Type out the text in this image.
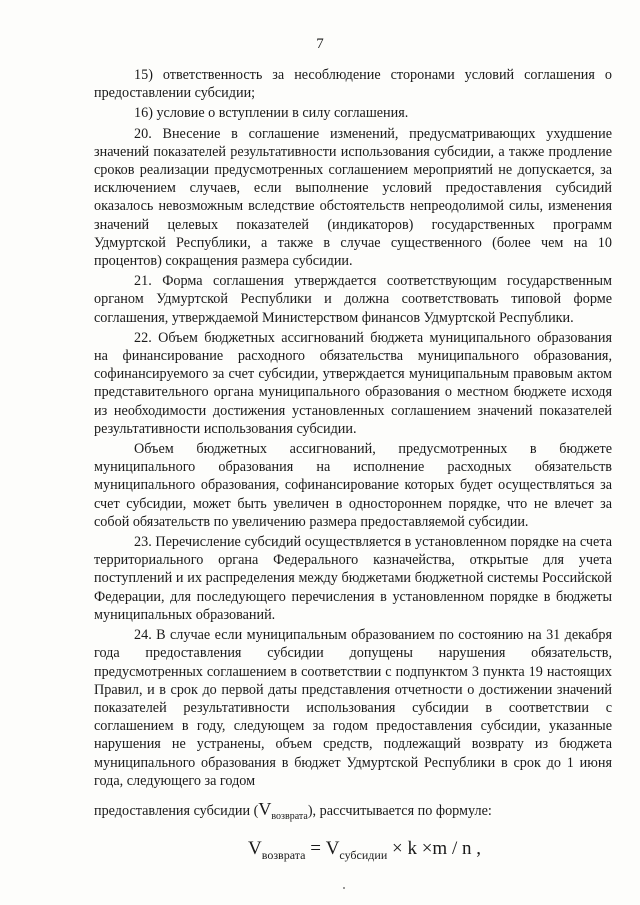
7

15) ответственность за несоблюдение сторонами условий соглашения о предоставлении субсидии;

16) условие о вступлении в силу соглашения.

20. Внесение в соглашение изменений, предусматривающих ухудшение значений показателей результативности использования субсидии, а также продление сроков реализации предусмотренных соглашением мероприятий не допускается, за исключением случаев, если выполнение условий предоставления субсидий оказалось невозможным вследствие обстоятельств непреодолимой силы, изменения значений целевых показателей (индикаторов) государственных программ Удмуртской Республики, а также в случае существенного (более чем на 10 процентов) сокращения размера субсидии.

21. Форма соглашения утверждается соответствующим государственным органом Удмуртской Республики и должна соответствовать типовой форме соглашения, утверждаемой Министерством финансов Удмуртской Республики.

22. Объем бюджетных ассигнований бюджета муниципального образования на финансирование расходного обязательства муниципального образования, софинансируемого за счет субсидии, утверждается муниципальным правовым актом представительного органа муниципального образования о местном бюджете исходя из необходимости достижения установленных соглашением значений показателей результативности использования субсидии.

Объем бюджетных ассигнований, предусмотренных в бюджете муниципального образования на исполнение расходных обязательств муниципального образования, софинансирование которых будет осуществляться за счет субсидии, может быть увеличен в одностороннем порядке, что не влечет за собой обязательств по увеличению размера предоставляемой субсидии.

23. Перечисление субсидий осуществляется в установленном порядке на счета территориального органа Федерального казначейства, открытые для учета поступлений и их распределения между бюджетами бюджетной системы Российской Федерации, для последующего перечисления в установленном порядке в бюджеты муниципальных образований.

24. В случае если муниципальным образованием по состоянию на 31 декабря года предоставления субсидии допущены нарушения обязательств, предусмотренных соглашением в соответствии с подпунктом 3 пункта 19 настоящих Правил, и в срок до первой даты представления отчетности о достижении значений показателей результативности использования субсидии в соответствии с соглашением в году, следующем за годом предоставления субсидии, указанные нарушения не устранены, объем средств, подлежащий возврату из бюджета муниципального образования в бюджет Удмуртской Республики в срок до 1 июня года, следующего за годом

предоставления субсидии $(V_{возврата})$, рассчитывается по формуле:
$V_{возврата} = V_{субсидии} \times k \times m / n$ ,
